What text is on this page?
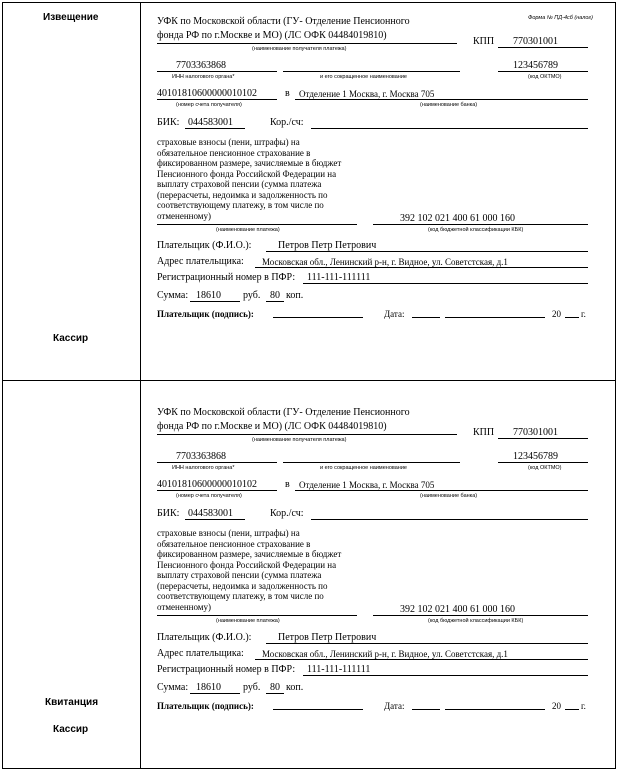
Извещение
Кассир
Квитанция
Кассир
Форма № ПД-4сб (налог)
УФК по Московской области (ГУ- Отделение Пенсионного
фонда РФ по г.Москве и МО) (ЛС ОФК 04484019810)
(наименование получателя платежа)
КПП 770301001
7703363868
ИНН налогового органа*	и его сокращенное наименование
123456789
(код ОКТМО)
40101810600000010102	в Отделение 1 Москва, г. Москва 705
(номер счета получателя)	(наименование банка)
БИК: 044583001	Кор./сч:
страховые взносы (пени, штрафы) на
обязательное пенсионное страхование в
фиксированном размере, зачисляемые в бюджет
Пенсионного фонда Российской Федерации на
выплату страховой пенсии (сумма платежа
(перерасчеты, недоимка и задолженность по
соответствующему платежу, в том числе по
отмененному)	392 102 021 400 61 000 160
(наименование платежа)	(код бюджетной классификации КБК)
Плательщик (Ф.И.О.):	Петров Петр Петрович
Адрес плательщика: Московская обл., Ленинский р-н, г. Видное, ул. Советстская, д.1
Регистрационный номер в ПФР: 111-111-111111
Сумма: 18610 руб. 80 коп.
Плательщик (подпись):	Дата:	20 г.
УФК по Московской области (ГУ- Отделение Пенсионного
фонда РФ по г.Москве и МО) (ЛС ОФК 04484019810)
(наименование получателя платежа)
КПП 770301001
7703363868
ИНН налогового органа*	и его сокращенное наименование
123456789
(код ОКТМО)
40101810600000010102	в Отделение 1 Москва, г. Москва 705
(номер счета получателя)	(наименование банка)
БИК: 044583001	Кор./сч:
страховые взносы (пени, штрафы) на
обязательное пенсионное страхование в
фиксированном размере, зачисляемые в бюджет
Пенсионного фонда Российской Федерации на
выплату страховой пенсии (сумма платежа
(перерасчеты, недоимка и задолженность по
соответствующему платежу, в том числе по
отмененному)	392 102 021 400 61 000 160
(наименование платежа)	(код бюджетной классификации КБК)
Плательщик (Ф.И.О.):	Петров Петр Петрович
Адрес плательщика: Московская обл., Ленинский р-н, г. Видное, ул. Советстская, д.1
Регистрационный номер в ПФР: 111-111-111111
Сумма: 18610 руб. 80 коп.
Плательщик (подпись):	Дата:	20 г.
